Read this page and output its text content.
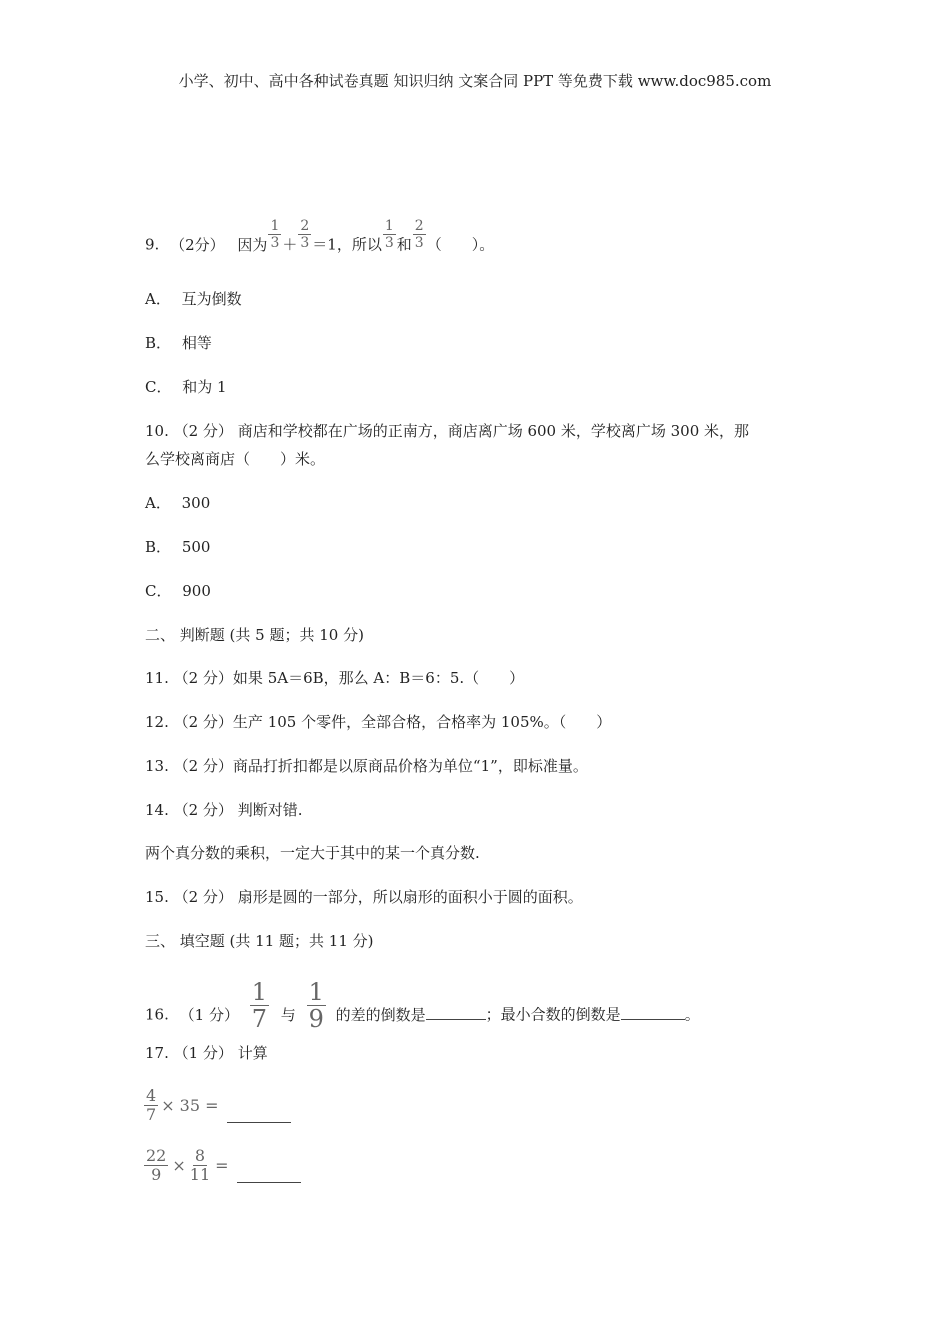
小学、初中、高中各种试卷真题 知识归纳 文案合同 PPT 等免费下载 www.doc985.com
9. （2分） 因为 $\frac{1}{3} + \frac{2}{3} =1$，所以 $\frac{1}{3}$ 和 $\frac{2}{3}$ （　　）。
A． 互为倒数
B． 相等
C． 和为 1
10. （2 分） 商店和学校都在广场的正南方，商店离广场 600 米，学校离广场 300 米，那
么学校离商店（　　）米。
A． 300
B． 500
C． 900
二、 判断题 (共 5 题；共 10 分)
11. （2 分）如果 5A＝6B，那么 A：B＝6：5.（　　）
12. （2 分）生产 105 个零件，全部合格，合格率为 105%。（　　）
13. （2 分）商品打折扣都是以原商品价格为单位“1”，即标准量。
14. （2 分） 判断对错.
两个真分数的乘积，一定大于其中的某一个真分数.
15. （2 分） 扇形是圆的一部分，所以扇形的面积小于圆的面积。
三、 填空题 (共 11 题；共 11 分)
16. （1 分） $\frac{1}{7}$ 与 $\frac{1}{9}$ 的差的倒数是	；最小合数的倒数是	。
17. （1 分） 计算
$\frac{4}{7} \times 35$ =
$\frac{22}{9} \times \frac{8}{11}$ =
